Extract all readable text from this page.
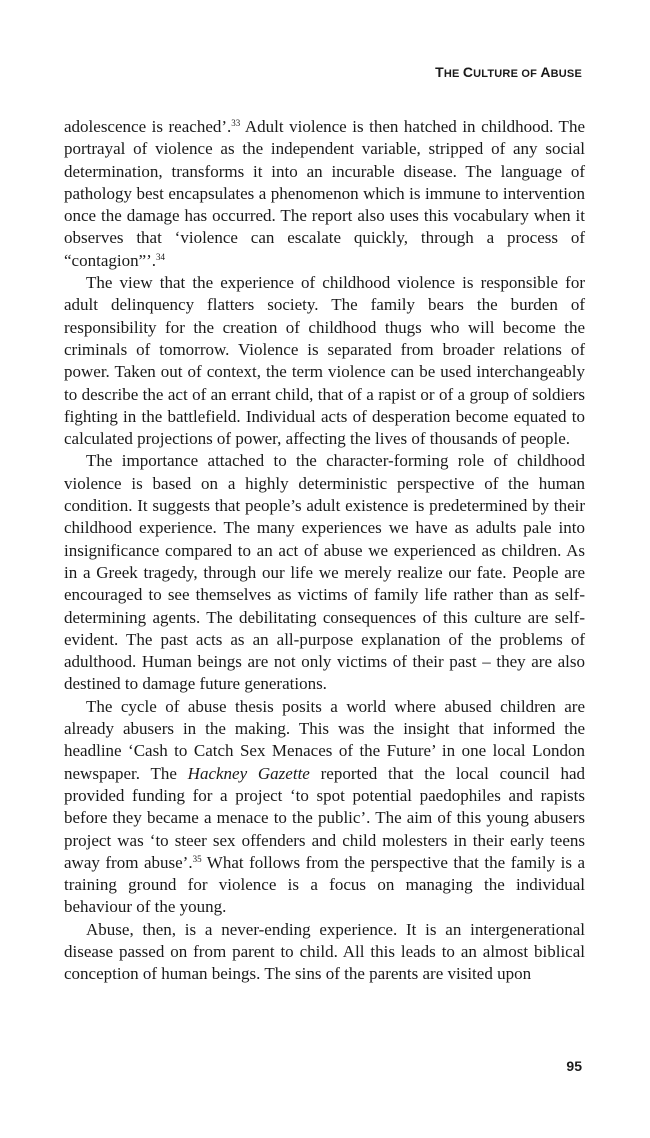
THE CULTURE OF ABUSE

adolescence is reached’.$^{33}$ Adult violence is then hatched in childhood. The portrayal of violence as the independent variable, stripped of any social determination, transforms it into an incurable disease. The language of pathology best encapsulates a phenomenon which is immune to intervention once the damage has occurred. The report also uses this vocabulary when it observes that ‘violence can escalate quickly, through a process of “contagion”’.$^{34}$

The view that the experience of childhood violence is responsible for adult delinquency flatters society. The family bears the burden of responsibility for the creation of childhood thugs who will become the criminals of tomorrow. Violence is separated from broader relations of power. Taken out of context, the term violence can be used interchangeably to describe the act of an errant child, that of a rapist or of a group of soldiers fighting in the battlefield. Individual acts of desperation become equated to calculated projections of power, affecting the lives of thousands of people.

The importance attached to the character-forming role of childhood violence is based on a highly deterministic perspective of the human condition. It suggests that people’s adult existence is predetermined by their childhood experience. The many experiences we have as adults pale into insignificance compared to an act of abuse we experienced as children. As in a Greek tragedy, through our life we merely realize our fate. People are encouraged to see themselves as victims of family life rather than as self-determining agents. The debilitating consequences of this culture are self-evident. The past acts as an all-purpose explanation of the problems of adulthood. Human beings are not only victims of their past – they are also destined to damage future generations.

The cycle of abuse thesis posits a world where abused children are already abusers in the making. This was the insight that informed the headline ‘Cash to Catch Sex Menaces of the Future’ in one local London newspaper. The Hackney Gazette reported that the local council had provided funding for a project ‘to spot potential paedophiles and rapists before they became a menace to the public’. The aim of this young abusers project was ‘to steer sex offenders and child molesters in their early teens away from abuse’.$^{35}$ What follows from the perspective that the family is a training ground for violence is a focus on managing the individual behaviour of the young.

Abuse, then, is a never-ending experience. It is an intergenerational disease passed on from parent to child. All this leads to an almost biblical conception of human beings. The sins of the parents are visited upon

95
